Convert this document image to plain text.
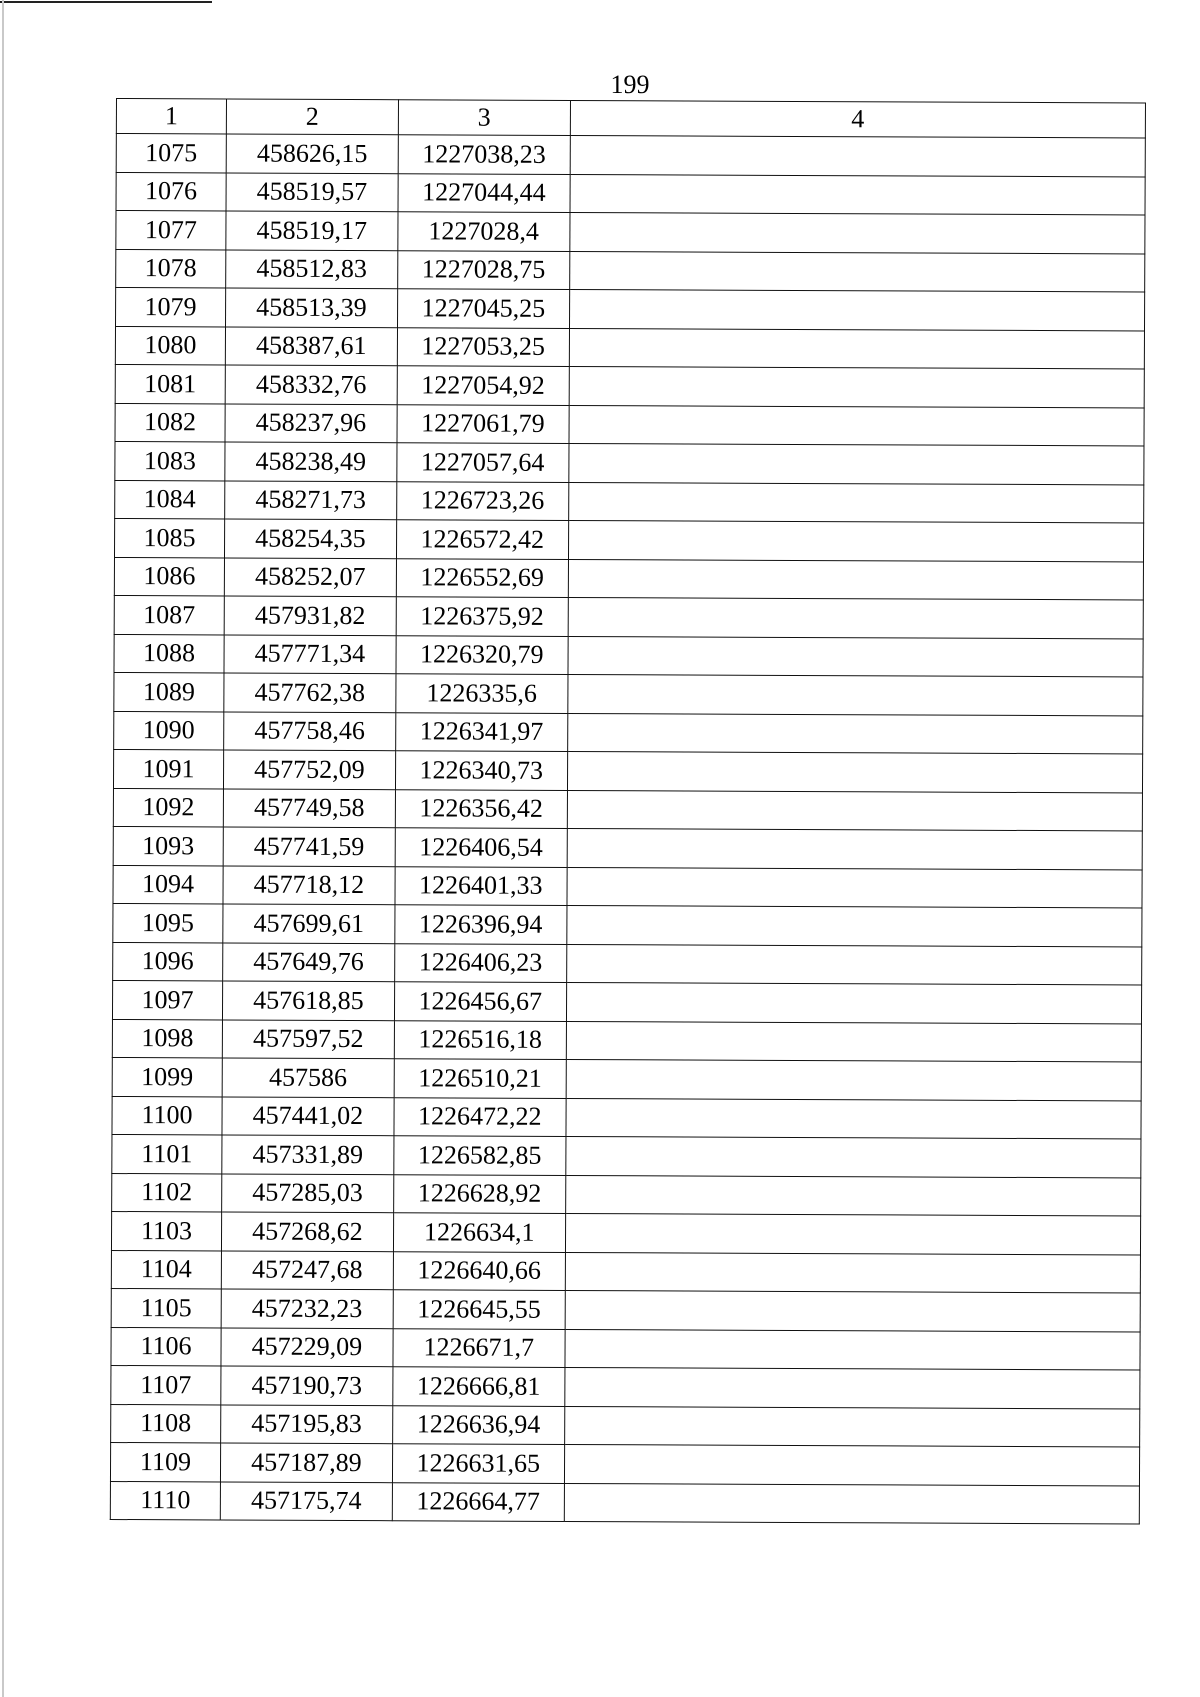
199
1	2	3	4
1075	458626,15	1227038,23	
1076	458519,57	1227044,44	
1077	458519,17	1227028,4	
1078	458512,83	1227028,75	
1079	458513,39	1227045,25	
1080	458387,61	1227053,25	
1081	458332,76	1227054,92	
1082	458237,96	1227061,79	
1083	458238,49	1227057,64	
1084	458271,73	1226723,26	
1085	458254,35	1226572,42	
1086	458252,07	1226552,69	
1087	457931,82	1226375,92	
1088	457771,34	1226320,79	
1089	457762,38	1226335,6	
1090	457758,46	1226341,97	
1091	457752,09	1226340,73	
1092	457749,58	1226356,42	
1093	457741,59	1226406,54	
1094	457718,12	1226401,33	
1095	457699,61	1226396,94	
1096	457649,76	1226406,23	
1097	457618,85	1226456,67	
1098	457597,52	1226516,18	
1099	457586	1226510,21	
1100	457441,02	1226472,22	
1101	457331,89	1226582,85	
1102	457285,03	1226628,92	
1103	457268,62	1226634,1	
1104	457247,68	1226640,66	
1105	457232,23	1226645,55	
1106	457229,09	1226671,7	
1107	457190,73	1226666,81	
1108	457195,83	1226636,94	
1109	457187,89	1226631,65	
1110	457175,74	1226664,77	
